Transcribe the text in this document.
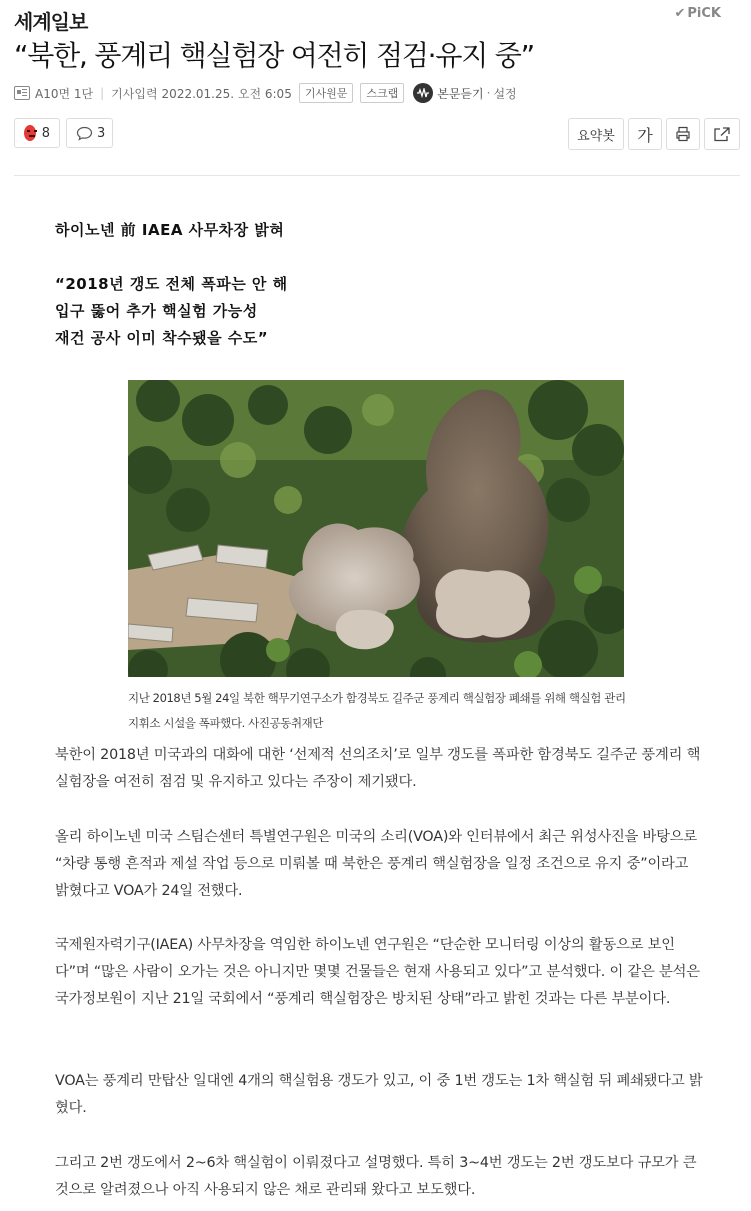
세계일보	✔ PiCK
“북한, 풍계리 핵실험장 여전히 점검·유지 중”
A10면 1단 | 기사입력 2022.01.25. 오전 6:05	기사원문	스크랩	본문듣기 · 설정
8	3	요약봇	가
하이노넨 前 IAEA 사무차장 밝혀
“2018년 갱도 전체 폭파는 안 해
입구 뚫어 추가 핵실험 가능성
재건 공사 이미 착수됐을 수도”
지난 2018년 5월 24일 북한 핵무기연구소가 함경북도 길주군 풍계리 핵실험장 폐쇄를 위해 핵실험 관리 지휘소 시설을 폭파했다. 사진공동취재단

북한이 2018년 미국과의 대화에 대한 ‘선제적 선의조치’로 일부 갱도를 폭파한 함경북도 길주군 풍계리 핵실험장을 여전히 점검 및 유지하고 있다는 주장이 제기됐다.

올리 하이노넨 미국 스팀슨센터 특별연구원은 미국의 소리(VOA)와 인터뷰에서 최근 위성사진을 바탕으로 “차량 통행 흔적과 제설 작업 등으로 미뤄볼 때 북한은 풍계리 핵실험장을 일정 조건으로 유지 중”이라고 밝혔다고 VOA가 24일 전했다.

국제원자력기구(IAEA) 사무차장을 역임한 하이노넨 연구원은 “단순한 모니터링 이상의 활동으로 보인다”며 “많은 사람이 오가는 것은 아니지만 몇몇 건물들은 현재 사용되고 있다”고 분석했다. 이 같은 분석은 국가정보원이 지난 21일 국회에서 “풍계리 핵실험장은 방치된 상태”라고 밝힌 것과는 다른 부분이다.

VOA는 풍계리 만탑산 일대엔 4개의 핵실험용 갱도가 있고, 이 중 1번 갱도는 1차 핵실험 뒤 폐쇄됐다고 밝혔다.

그리고 2번 갱도에서 2~6차 핵실험이 이뤄졌다고 설명했다. 특히 3~4번 갱도는 2번 갱도보다 규모가 큰 것으로 알려졌으나 아직 사용되지 않은 채로 관리돼 왔다고 보도했다.
